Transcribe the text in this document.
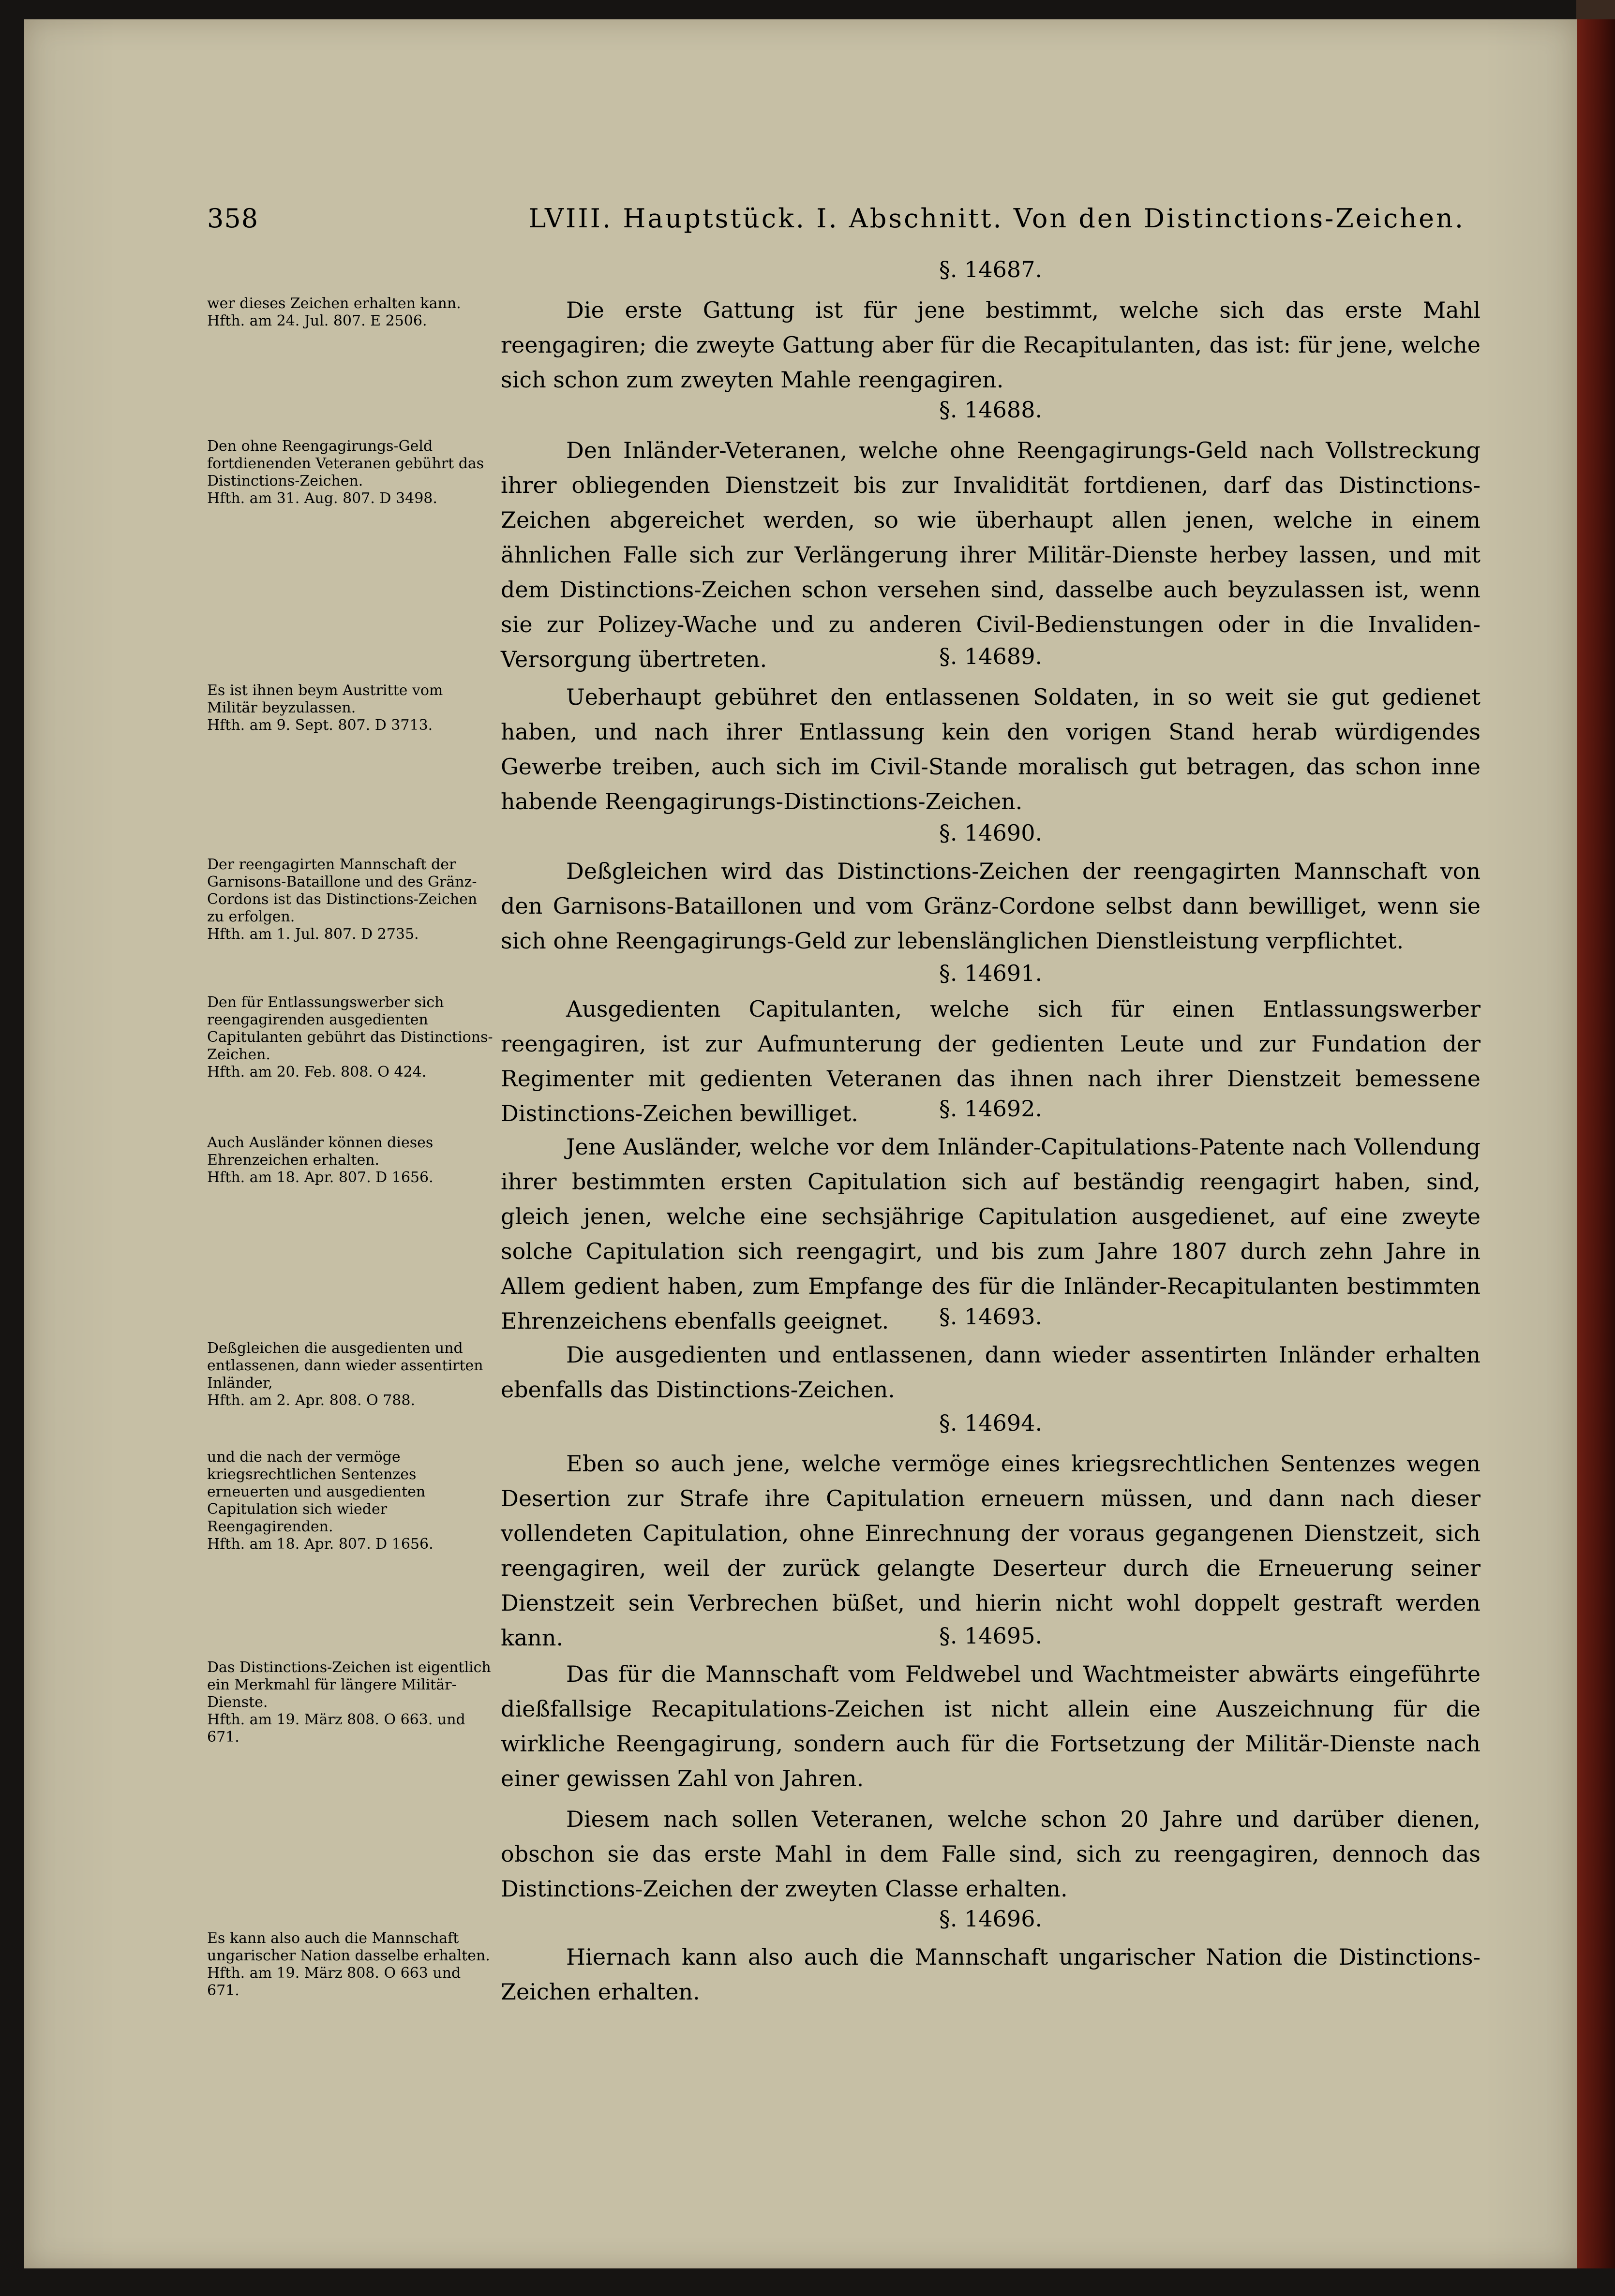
358	LVIII. Hauptstück. I. Abschnitt. Von den Distinctions-Zeichen.
§. 14687.
wer dieses Zeichen erhalten kann.
Hfth. am 24. Jul. 807. E 2506.	Die erste Gattung ist für jene bestimmt, welche sich das erste Mahl reengagiren; die zweyte Gattung aber für die Recapitulanten, das ist: für jene, welche sich schon zum zweyten Mahle reengagiren.
§. 14688.
Den ohne Reengagirungs-Geld fortdienenden Veteranen gebührt das Distinctions-Zeichen.
Hfth. am 31. Aug. 807. D 3498.
Den Inländer-Veteranen, welche ohne Reengagirungs-Geld nach Vollstreckung ihrer obliegenden Dienstzeit bis zur Invalidität fortdienen, darf das Distinctions-Zeichen abgereichet werden, so wie überhaupt allen jenen, welche in einem ähnlichen Falle sich zur Verlängerung ihrer Militär-Dienste herbey lassen, und mit dem Distinctions-Zeichen schon versehen sind, dasselbe auch beyzulassen ist, wenn sie zur Polizey-Wache und zu anderen Civil-Bedienstungen oder in die Invaliden-Versorgung übertreten.	§. 14689.
Es ist ihnen beym Austritte vom Militär beyzulassen.
Hfth. am 9. Sept. 807. D 3713.
Ueberhaupt gebühret den entlassenen Soldaten, in so weit sie gut gedienet haben, und nach ihrer Entlassung kein den vorigen Stand herab würdigendes Gewerbe treiben, auch sich im Civil-Stande moralisch gut betragen, das schon inne habende Reengagirungs-Distinctions-Zeichen.
§. 14690.
Der reengagirten Mannschaft der Garnisons-Bataillone und des Gränz-Cordons ist das Distinctions-Zeichen zu erfolgen.
Hfth. am 1. Jul. 807. D 2735.
Deßgleichen wird das Distinctions-Zeichen der reengagirten Mannschaft von den Garnisons-Bataillonen und vom Gränz-Cordone selbst dann bewilliget, wenn sie sich ohne Reengagirungs-Geld zur lebenslänglichen Dienstleistung verpflichtet.
§. 14691.
Den für Entlassungswerber sich reengagirenden ausgedienten Capitulanten gebührt das Distinctions-Zeichen.
Hfth. am 20. Feb. 808. O 424.
Ausgedienten Capitulanten, welche sich für einen Entlassungswerber reengagiren, ist zur Aufmunterung der gedienten Leute und zur Fundation der Regimenter mit gedienten Veteranen das ihnen nach ihrer Dienstzeit bemessene Distinctions-Zeichen bewilliget.	§. 14692.
Auch Ausländer können dieses Ehrenzeichen erhalten.
Hfth. am 18. Apr. 807. D 1656.
Jene Ausländer, welche vor dem Inländer-Capitulations-Patente nach Vollendung ihrer bestimmten ersten Capitulation sich auf beständig reengagirt haben, sind, gleich jenen, welche eine sechsjährige Capitulation ausgedienet, auf eine zweyte solche Capitulation sich reengagirt, und bis zum Jahre 1807 durch zehn Jahre in Allem gedient haben, zum Empfange des für die Inländer-Recapitulanten bestimmten Ehrenzeichens ebenfalls geeignet.	§. 14693.
Deßgleichen die ausgedienten und entlassenen, dann wieder assentirten Inländer,
Hfth. am 2. Apr. 808. O 788.
Die ausgedienten und entlassenen, dann wieder assentirten Inländer erhalten ebenfalls das Distinctions-Zeichen.
§. 14694.
und die nach der vermöge kriegsrechtlichen Sentenzes erneuerten und ausgedienten Capitulation sich wieder Reengagirenden.
Hfth. am 18. Apr. 807. D 1656.
Eben so auch jene, welche vermöge eines kriegsrechtlichen Sentenzes wegen Desertion zur Strafe ihre Capitulation erneuern müssen, und dann nach dieser vollendeten Capitulation, ohne Einrechnung der voraus gegangenen Dienstzeit, sich reengagiren, weil der zurück gelangte Deserteur durch die Erneuerung seiner Dienstzeit sein Verbrechen büßet, und hierin nicht wohl doppelt gestraft werden kann.	§. 14695.
Das Distinctions-Zeichen ist eigentlich ein Merkmahl für längere Militär-Dienste.
Hfth. am 19. März 808. O 663. und 671.
Das für die Mannschaft vom Feldwebel und Wachtmeister abwärts eingeführte dießfallsige Recapitulations-Zeichen ist nicht allein eine Auszeichnung für die wirkliche Reengagirung, sondern auch für die Fortsetzung der Militär-Dienste nach einer gewissen Zahl von Jahren.
Diesem nach sollen Veteranen, welche schon 20 Jahre und darüber dienen, obschon sie das erste Mahl in dem Falle sind, sich zu reengagiren, dennoch das Distinctions-Zeichen der zweyten Classe erhalten.
§. 14696.
Es kann also auch die Mannschaft ungarischer Nation dasselbe erhalten.
Hfth. am 19. März 808. O 663 und 671.
Hiernach kann also auch die Mannschaft ungarischer Nation die Distinctions-Zeichen erhalten.
